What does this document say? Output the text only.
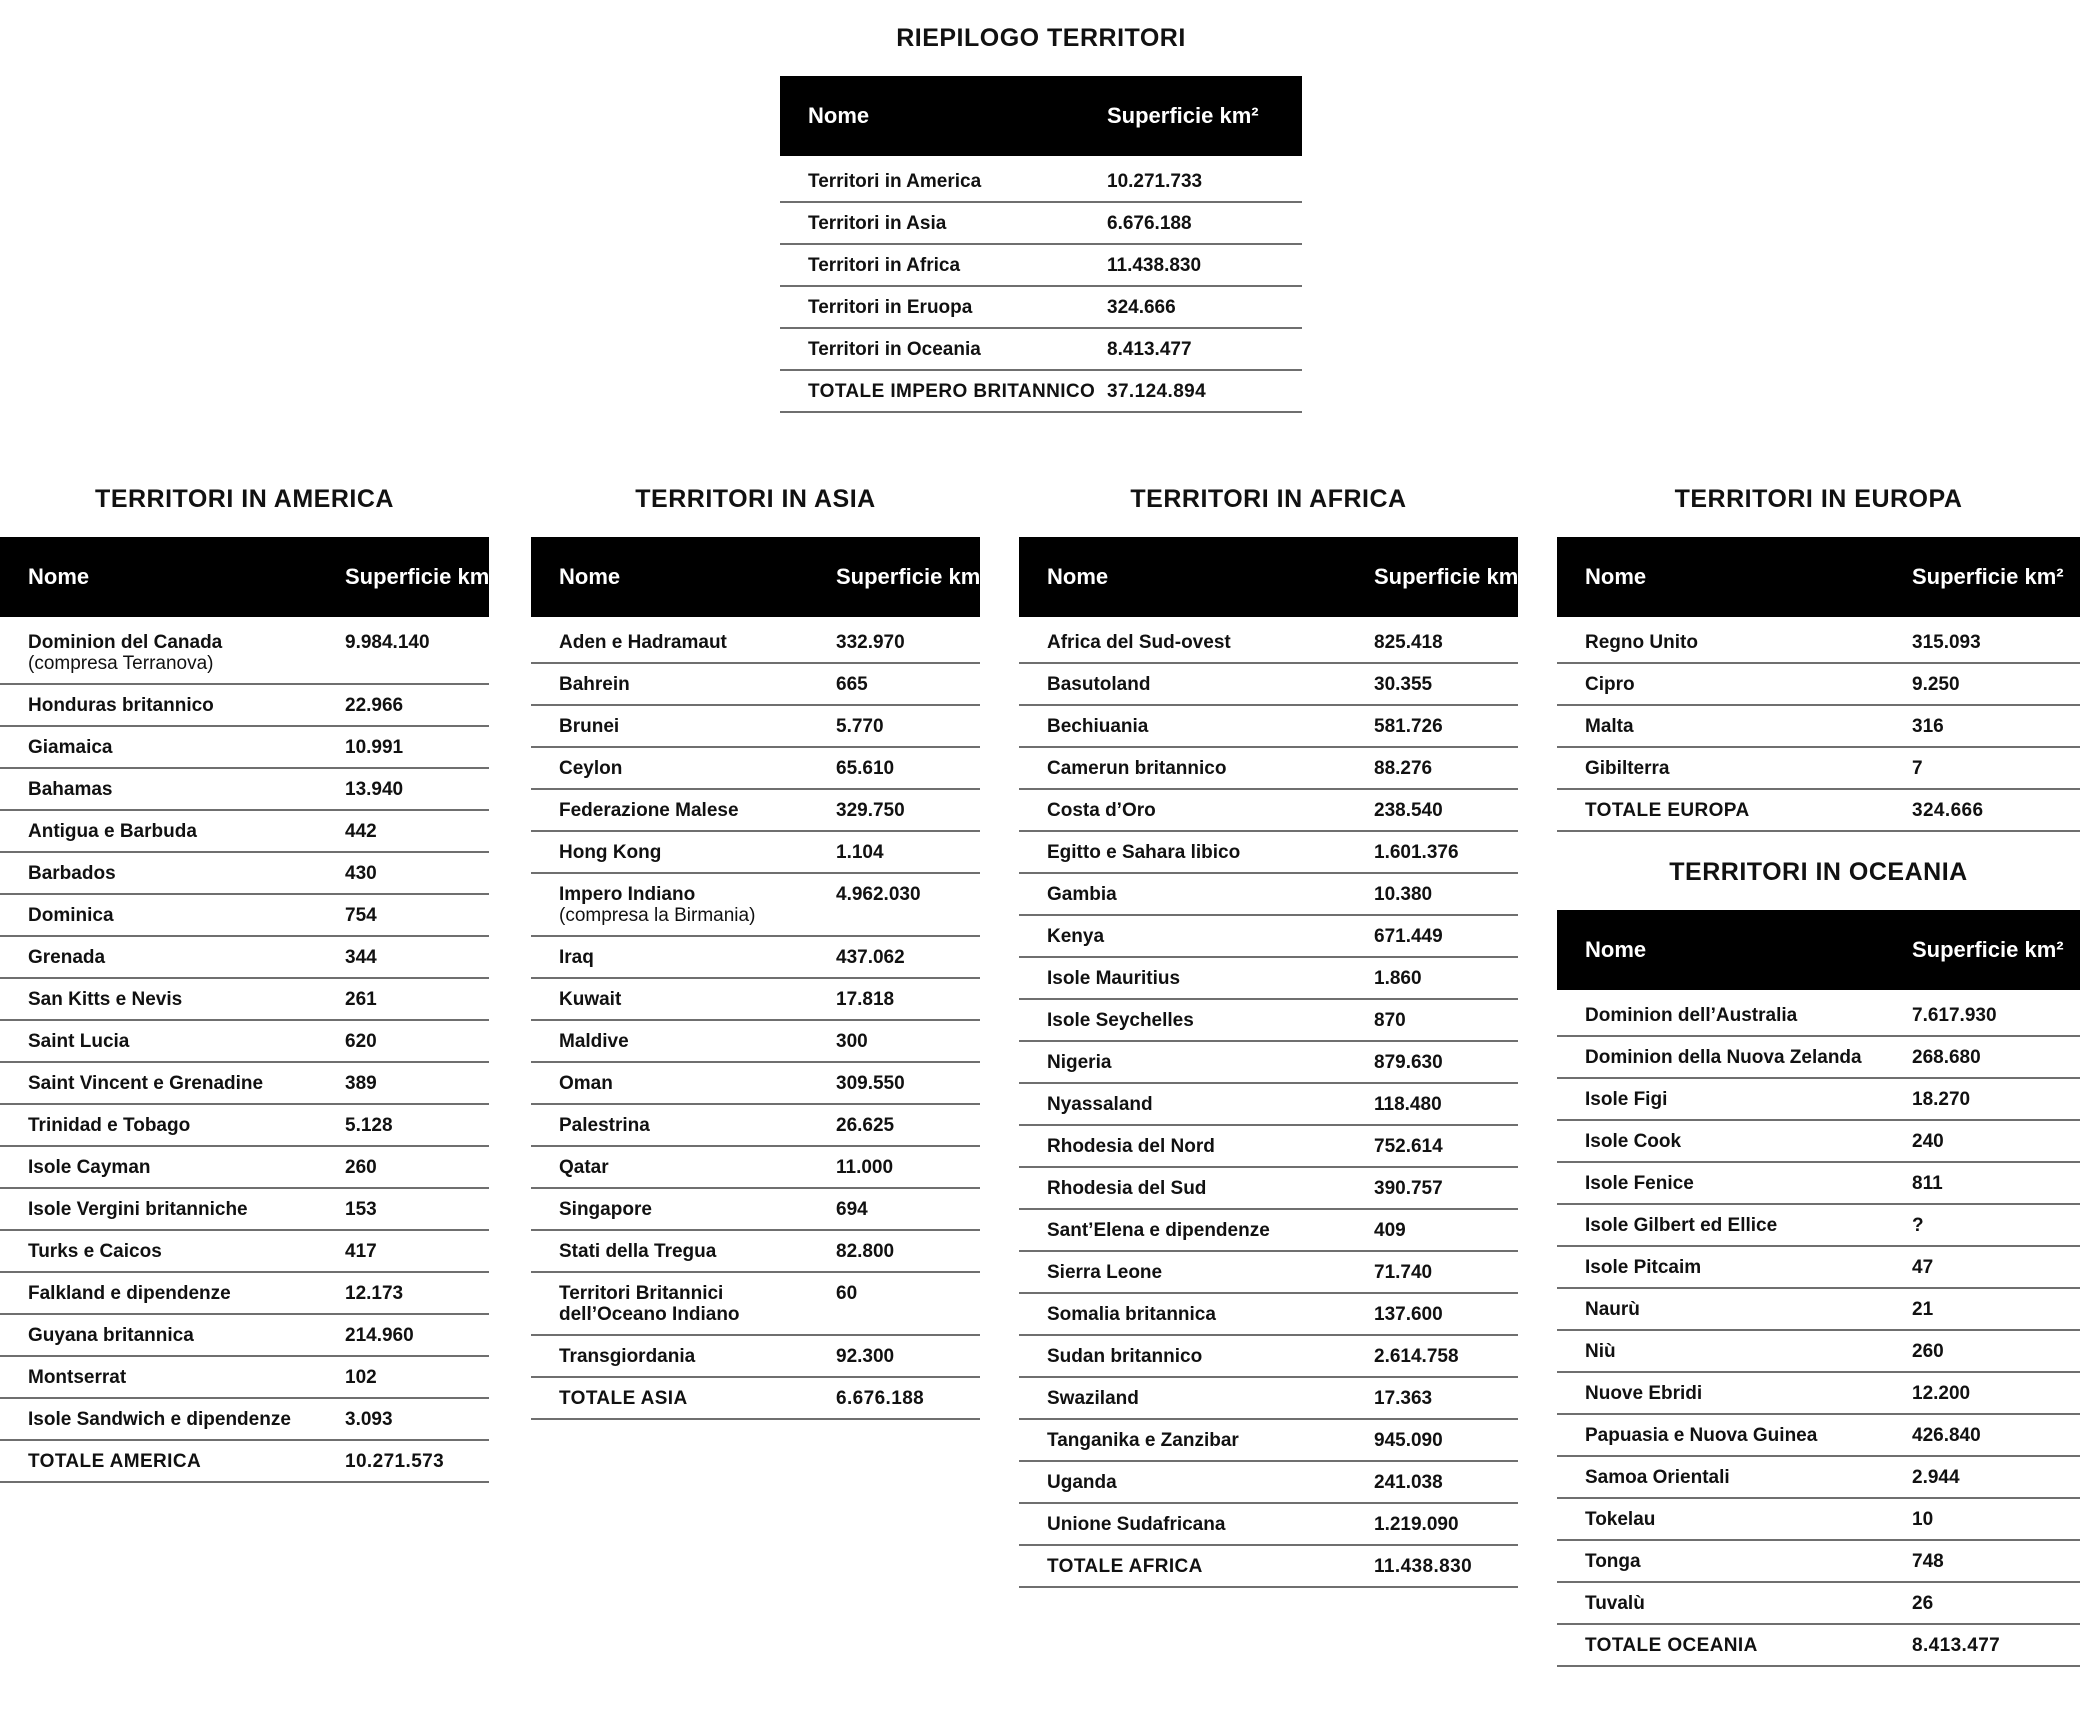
RIEPILOGO TERRITORI
Nome	Superficie km²
Territori in America	10.271.733
Territori in Asia	6.676.188
Territori in Africa	11.438.830
Territori in Eruopa	324.666
Territori in Oceania	8.413.477
TOTALE IMPERO BRITANNICO	37.124.894
TERRITORI IN AMERICA
Nome	Superficie km²
Dominion del Canada
(compresa Terranova)	9.984.140
Honduras britannico	22.966
Giamaica	10.991
Bahamas	13.940
Antigua e Barbuda	442
Barbados	430
Dominica	754
Grenada	344
San Kitts e Nevis	261
Saint Lucia	620
Saint Vincent e Grenadine	389
Trinidad e Tobago	5.128
Isole Cayman	260
Isole Vergini britanniche	153
Turks e Caicos	417
Falkland e dipendenze	12.173
Guyana britannica	214.960
Montserrat	102
Isole Sandwich e dipendenze	3.093
TOTALE AMERICA	10.271.573
TERRITORI IN ASIA
Nome	Superficie km²
Aden e Hadramaut	332.970
Bahrein	665
Brunei	5.770
Ceylon	65.610
Federazione Malese	329.750
Hong Kong	1.104
Impero Indiano
(compresa la Birmania)	4.962.030
Iraq	437.062
Kuwait	17.818
Maldive	300
Oman	309.550
Palestrina	26.625
Qatar	11.000
Singapore	694
Stati della Tregua	82.800
Territori Britannici
dell’Oceano Indiano	60
Transgiordania	92.300
TOTALE ASIA	6.676.188
TERRITORI IN AFRICA
Nome	Superficie km²
Africa del Sud-ovest	825.418
Basutoland	30.355
Bechiuania	581.726
Camerun britannico	88.276
Costa d’Oro	238.540
Egitto e Sahara libico	1.601.376
Gambia	10.380
Kenya	671.449
Isole Mauritius	1.860
Isole Seychelles	870
Nigeria	879.630
Nyassaland	118.480
Rhodesia del Nord	752.614
Rhodesia del Sud	390.757
Sant’Elena e dipendenze	409
Sierra Leone	71.740
Somalia britannica	137.600
Sudan britannico	2.614.758
Swaziland	17.363
Tanganika e Zanzibar	945.090
Uganda	241.038
Unione Sudafricana	1.219.090
TOTALE AFRICA	11.438.830
TERRITORI IN EUROPA
Nome	Superficie km²
Regno Unito	315.093
Cipro	9.250
Malta	316
Gibilterra	7
TOTALE EUROPA	324.666
TERRITORI IN OCEANIA
Nome	Superficie km²
Dominion dell’Australia	7.617.930
Dominion della Nuova Zelanda	268.680
Isole Figi	18.270
Isole Cook	240
Isole Fenice	811
Isole Gilbert ed Ellice	?
Isole Pitcaim	47
Naurù	21
Niù	260
Nuove Ebridi	12.200
Papuasia e Nuova Guinea	426.840
Samoa Orientali	2.944
Tokelau	10
Tonga	748
Tuvalù	26
TOTALE OCEANIA	8.413.477
